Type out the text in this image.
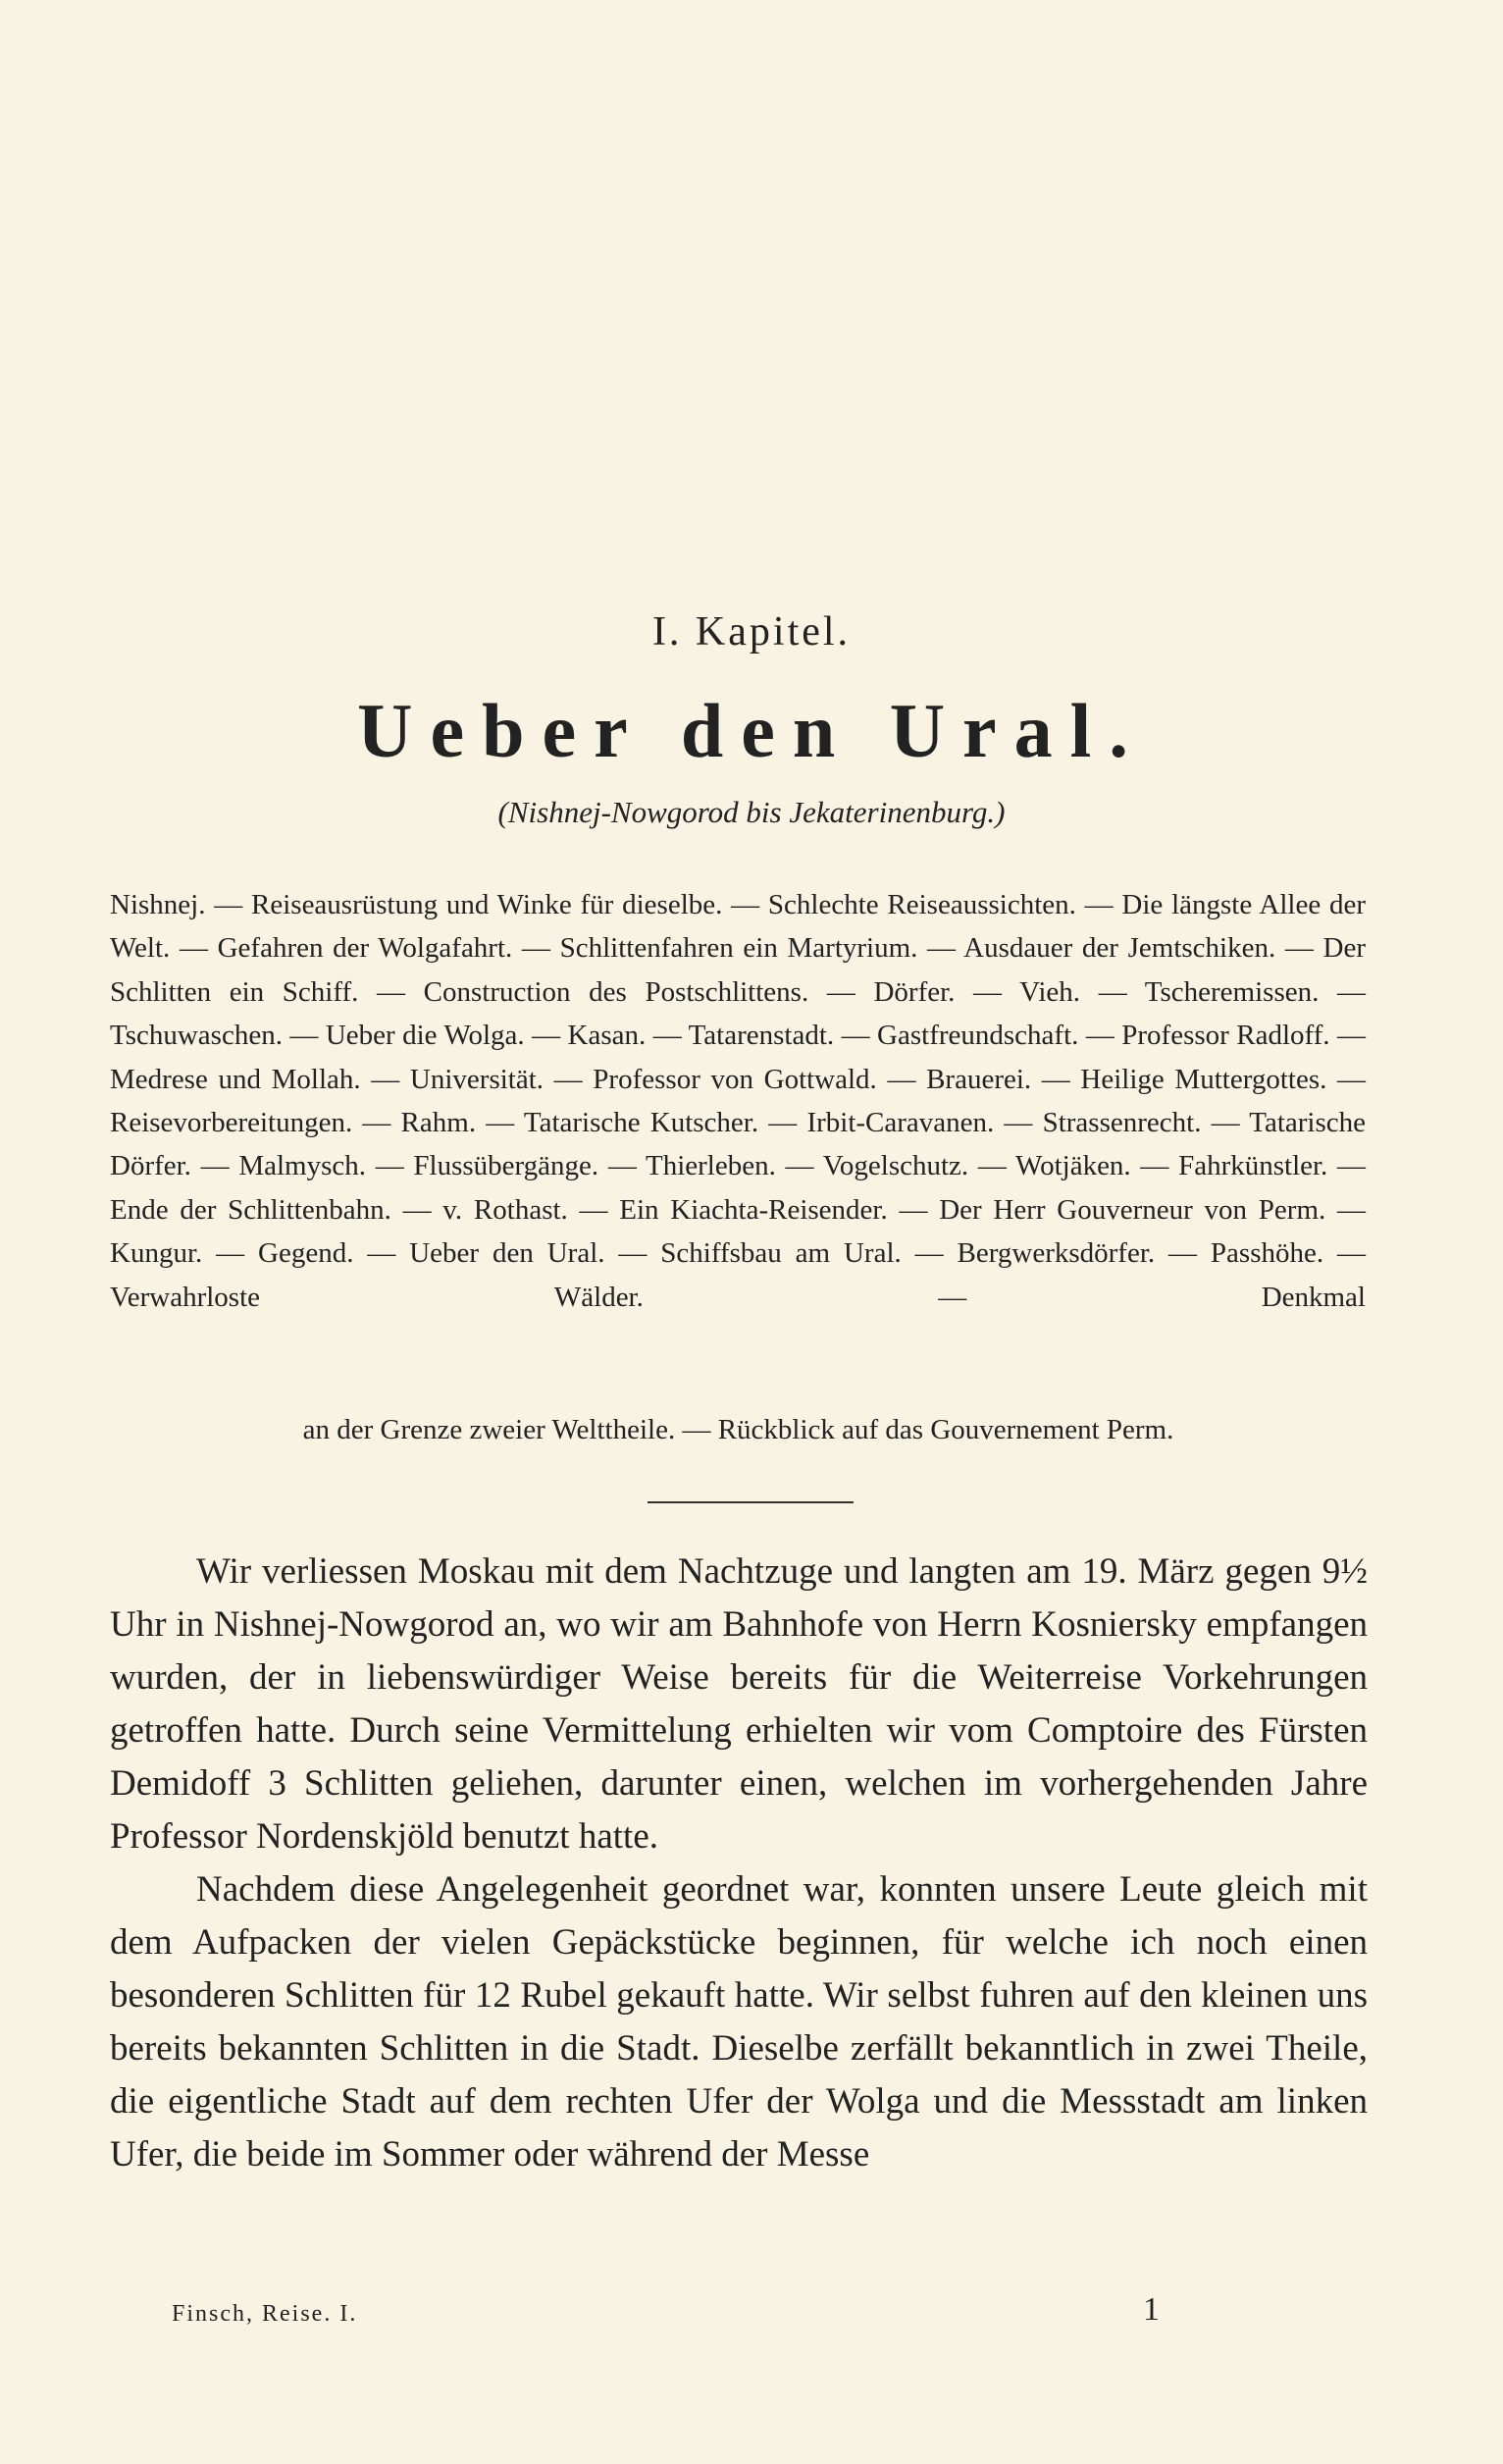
I. Kapitel.
Ueber den Ural.
(Nishnej-Nowgorod bis Jekaterinenburg.)
Nishnej. — Reiseausrüstung und Winke für dieselbe. — Schlechte Reiseaussichten. — Die längste Allee der Welt. — Gefahren der Wolgafahrt. — Schlittenfahren ein Martyrium. — Ausdauer der Jemtschiken. — Der Schlitten ein Schiff. — Construction des Postschlittens. — Dörfer. — Vieh. — Tscheremissen. — Tschuwaschen. — Ueber die Wolga. — Kasan. — Tatarenstadt. — Gastfreundschaft. — Professor Radloff. — Medrese und Mollah. — Universität. — Professor von Gottwald. — Brauerei. — Heilige Muttergottes. — Reisevorbereitungen. — Rahm. — Tatarische Kutscher. — Irbit-Caravanen. — Strassenrecht. — Tatarische Dörfer. — Malmysch. — Flussübergänge. — Thierleben. — Vogelschutz. — Wotjäken. — Fahrkünstler. — Ende der Schlittenbahn. — v. Rothast. — Ein Kiachta-Reisender. — Der Herr Gouverneur von Perm. — Kungur. — Gegend. — Ueber den Ural. — Schiffsbau am Ural. — Bergwerksdörfer. — Passhöhe. — Verwahrloste Wälder. — Denkmal
an der Grenze zweier Welttheile. — Rückblick auf das Gouvernement Perm.

Wir verliessen Moskau mit dem Nachtzuge und langten am 19. März gegen 9½ Uhr in Nishnej-Nowgorod an, wo wir am Bahnhofe von Herrn Kosniersky empfangen wurden, der in liebenswürdiger Weise bereits für die Weiterreise Vorkehrungen getroffen hatte. Durch seine Vermittelung erhielten wir vom Comptoire des Fürsten Demidoff 3 Schlitten geliehen, darunter einen, welchen im vorhergehenden Jahre Professor Nordenskjöld benutzt hatte.

Nachdem diese Angelegenheit geordnet war, konnten unsere Leute gleich mit dem Aufpacken der vielen Gepäckstücke beginnen, für welche ich noch einen besonderen Schlitten für 12 Rubel gekauft hatte. Wir selbst fuhren auf den kleinen uns bereits bekannten Schlitten in die Stadt. Dieselbe zerfällt bekanntlich in zwei Theile, die eigentliche Stadt auf dem rechten Ufer der Wolga und die Messstadt am linken Ufer, die beide im Sommer oder während der Messe

Finsch, Reise. I.	1
